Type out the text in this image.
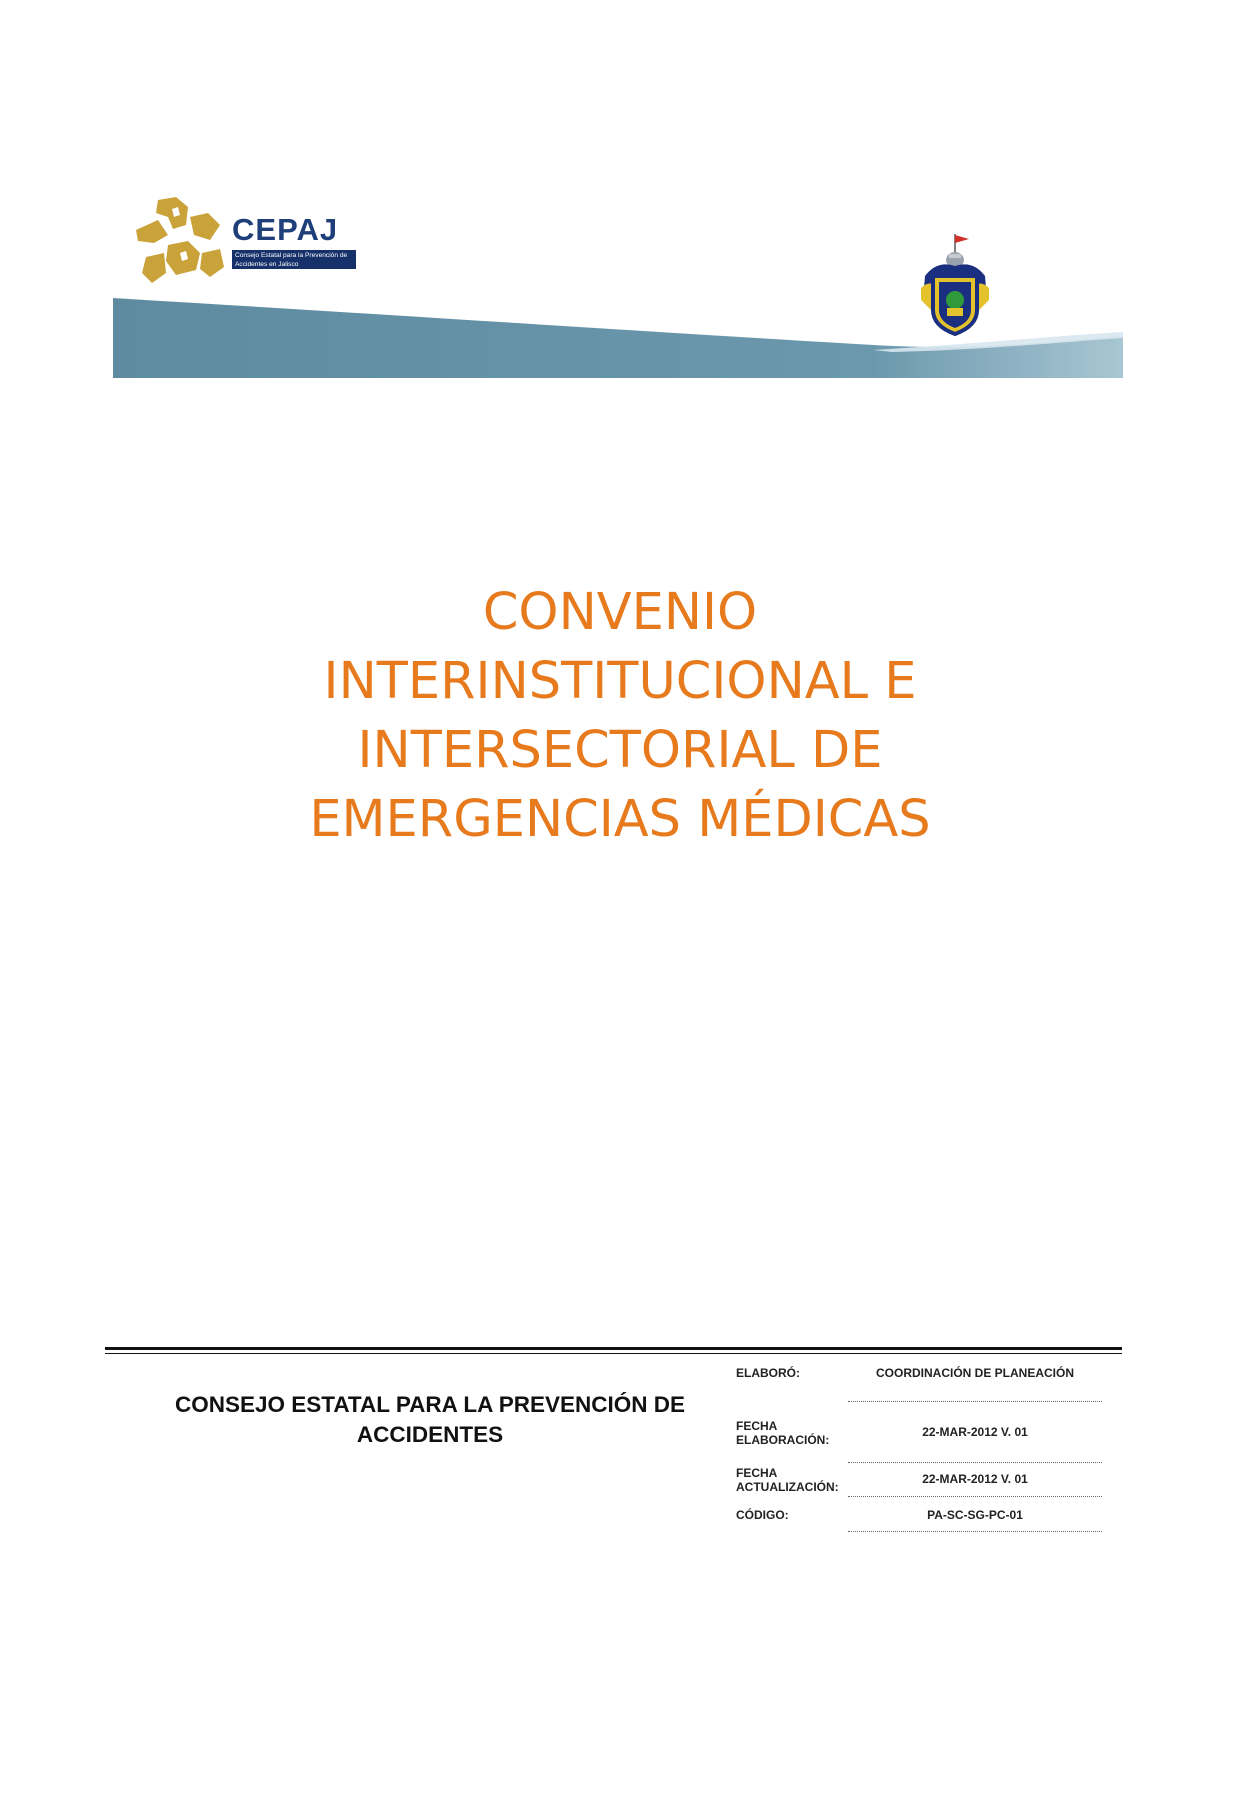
CEPAJ
Consejo Estatal para la Prevención de Accidentes en Jalisco
CONVENIO
INTERINSTITUCIONAL E
INTERSECTORIAL DE
EMERGENCIAS MÉDICAS
CONSEJO ESTATAL PARA LA PREVENCIÓN DE ACCIDENTES
ELABORÓ:	COORDINACIÓN DE PLANEACIÓN
FECHA ELABORACIÓN:
22-MAR-2012 V. 01
FECHA ACTUALIZACIÓN:
22-MAR-2012 V. 01
CÓDIGO:	PA-SC-SG-PC-01
